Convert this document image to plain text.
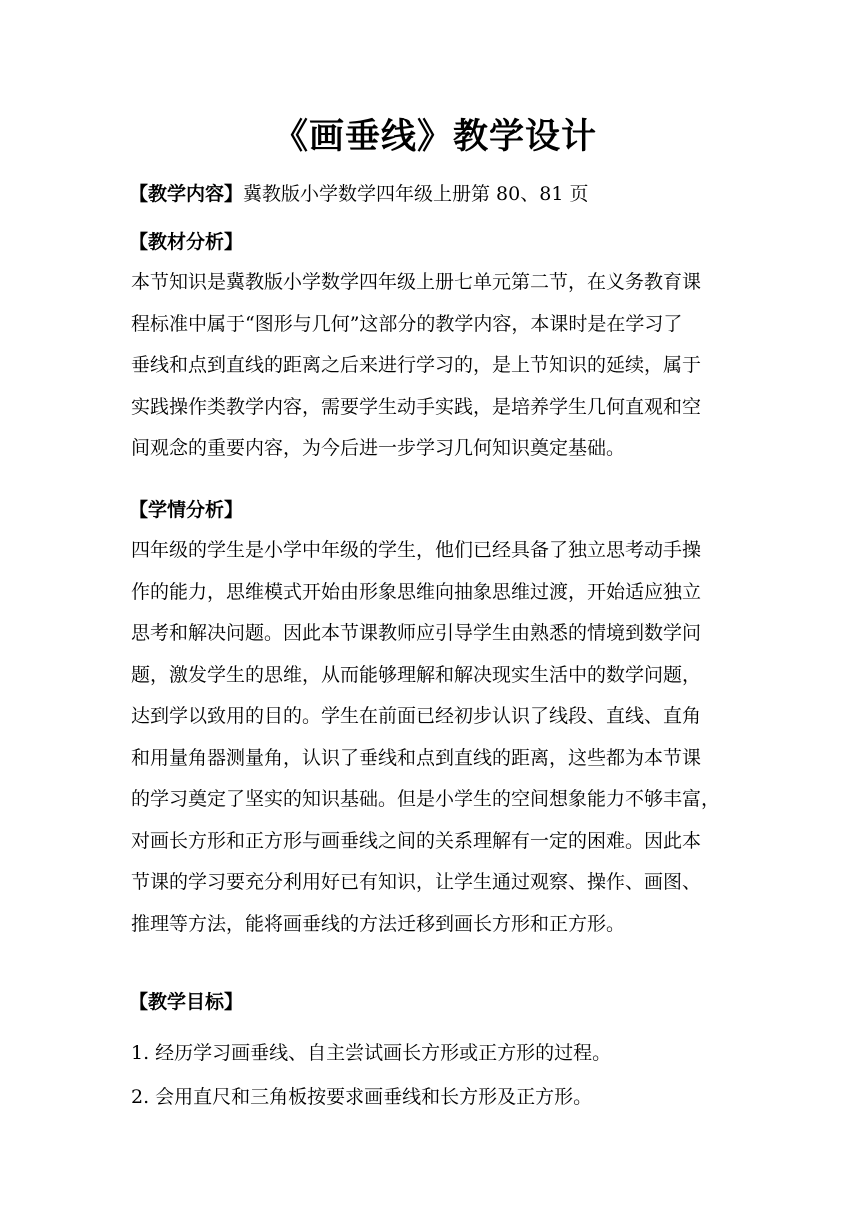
《画垂线》教学设计
【教学内容】冀教版小学数学四年级上册第 80、81 页
【教材分析】
本节知识是冀教版小学数学四年级上册七单元第二节，在义务教育课
程标准中属于“图形与几何”这部分的教学内容，本课时是在学习了
垂线和点到直线的距离之后来进行学习的，是上节知识的延续，属于
实践操作类教学内容，需要学生动手实践，是培养学生几何直观和空
间观念的重要内容，为今后进一步学习几何知识奠定基础。
【学情分析】
四年级的学生是小学中年级的学生，他们已经具备了独立思考动手操
作的能力，思维模式开始由形象思维向抽象思维过渡，开始适应独立
思考和解决问题。因此本节课教师应引导学生由熟悉的情境到数学问
题，激发学生的思维，从而能够理解和解决现实生活中的数学问题，
达到学以致用的目的。学生在前面已经初步认识了线段、直线、直角
和用量角器测量角，认识了垂线和点到直线的距离，这些都为本节课
的学习奠定了坚实的知识基础。但是小学生的空间想象能力不够丰富，
对画长方形和正方形与画垂线之间的关系理解有一定的困难。因此本
节课的学习要充分利用好已有知识，让学生通过观察、操作、画图、
推理等方法，能将画垂线的方法迁移到画长方形和正方形。
【教学目标】
1. 经历学习画垂线、自主尝试画长方形或正方形的过程。
2. 会用直尺和三角板按要求画垂线和长方形及正方形。
